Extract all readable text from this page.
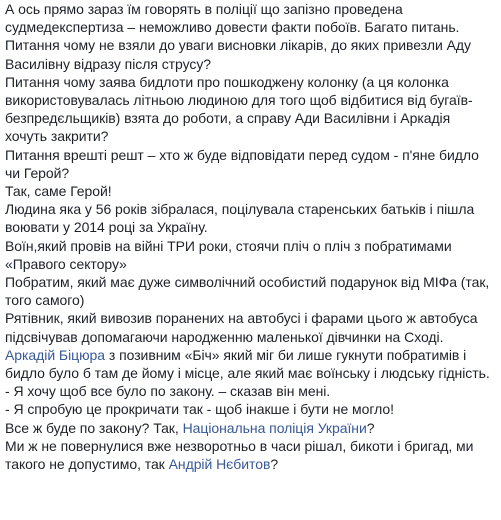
А ось прямо зараз їм говорять в поліції що запізно проведена судмедекспертиза – неможливо довести факти побоїв. Багато питань.

Питання чому не взяли до уваги висновки лікарів, до яких привезли Аду Василівну відразу після струсу?

Питання чому заява бидлоти про пошкоджену колонку (а ця колонка використовувалась літньою людиною для того щоб відбитися від бугаїв-безпредєльщиків) взята до роботи, а справу Ади Василівни і Аркадія хочуть закрити?

Питання врешті решт – хто ж буде відповідати перед судом - п'яне бидло чи Герой?

Так, саме Герой!

Людина яка у 56 років зібралася, поцілувала старенських батьків і пішла воювати у 2014 році за Україну.

Воїн,який провів на війні ТРИ роки, стоячи пліч о пліч з побратимами «Правого сектору»

Побратим, який має дуже символічний особистий подарунок від МІФа (так, того самого)

Рятівник, який вивозив поранених на автобусі і фарами цього ж автобуса підсвічував допомагаючи народженню маленької дівчинки на Сході.

Аркадій Біцюра з позивним «Біч» який міг би лише гукнути побратимів і бидло було б там де йому і місце, але який має воїнську і людську гідність.

- Я хочу щоб все було по закону. – сказав він мені.

- Я спробую це прокричати так - щоб інакше і бути не могло!

Все ж буде по закону? Так, Національна поліція України?

Ми ж не повернулися вже незворотньо в часи рішал, бикоти і бригад, ми такого не допустимо, так Андрій Нєбитов?
